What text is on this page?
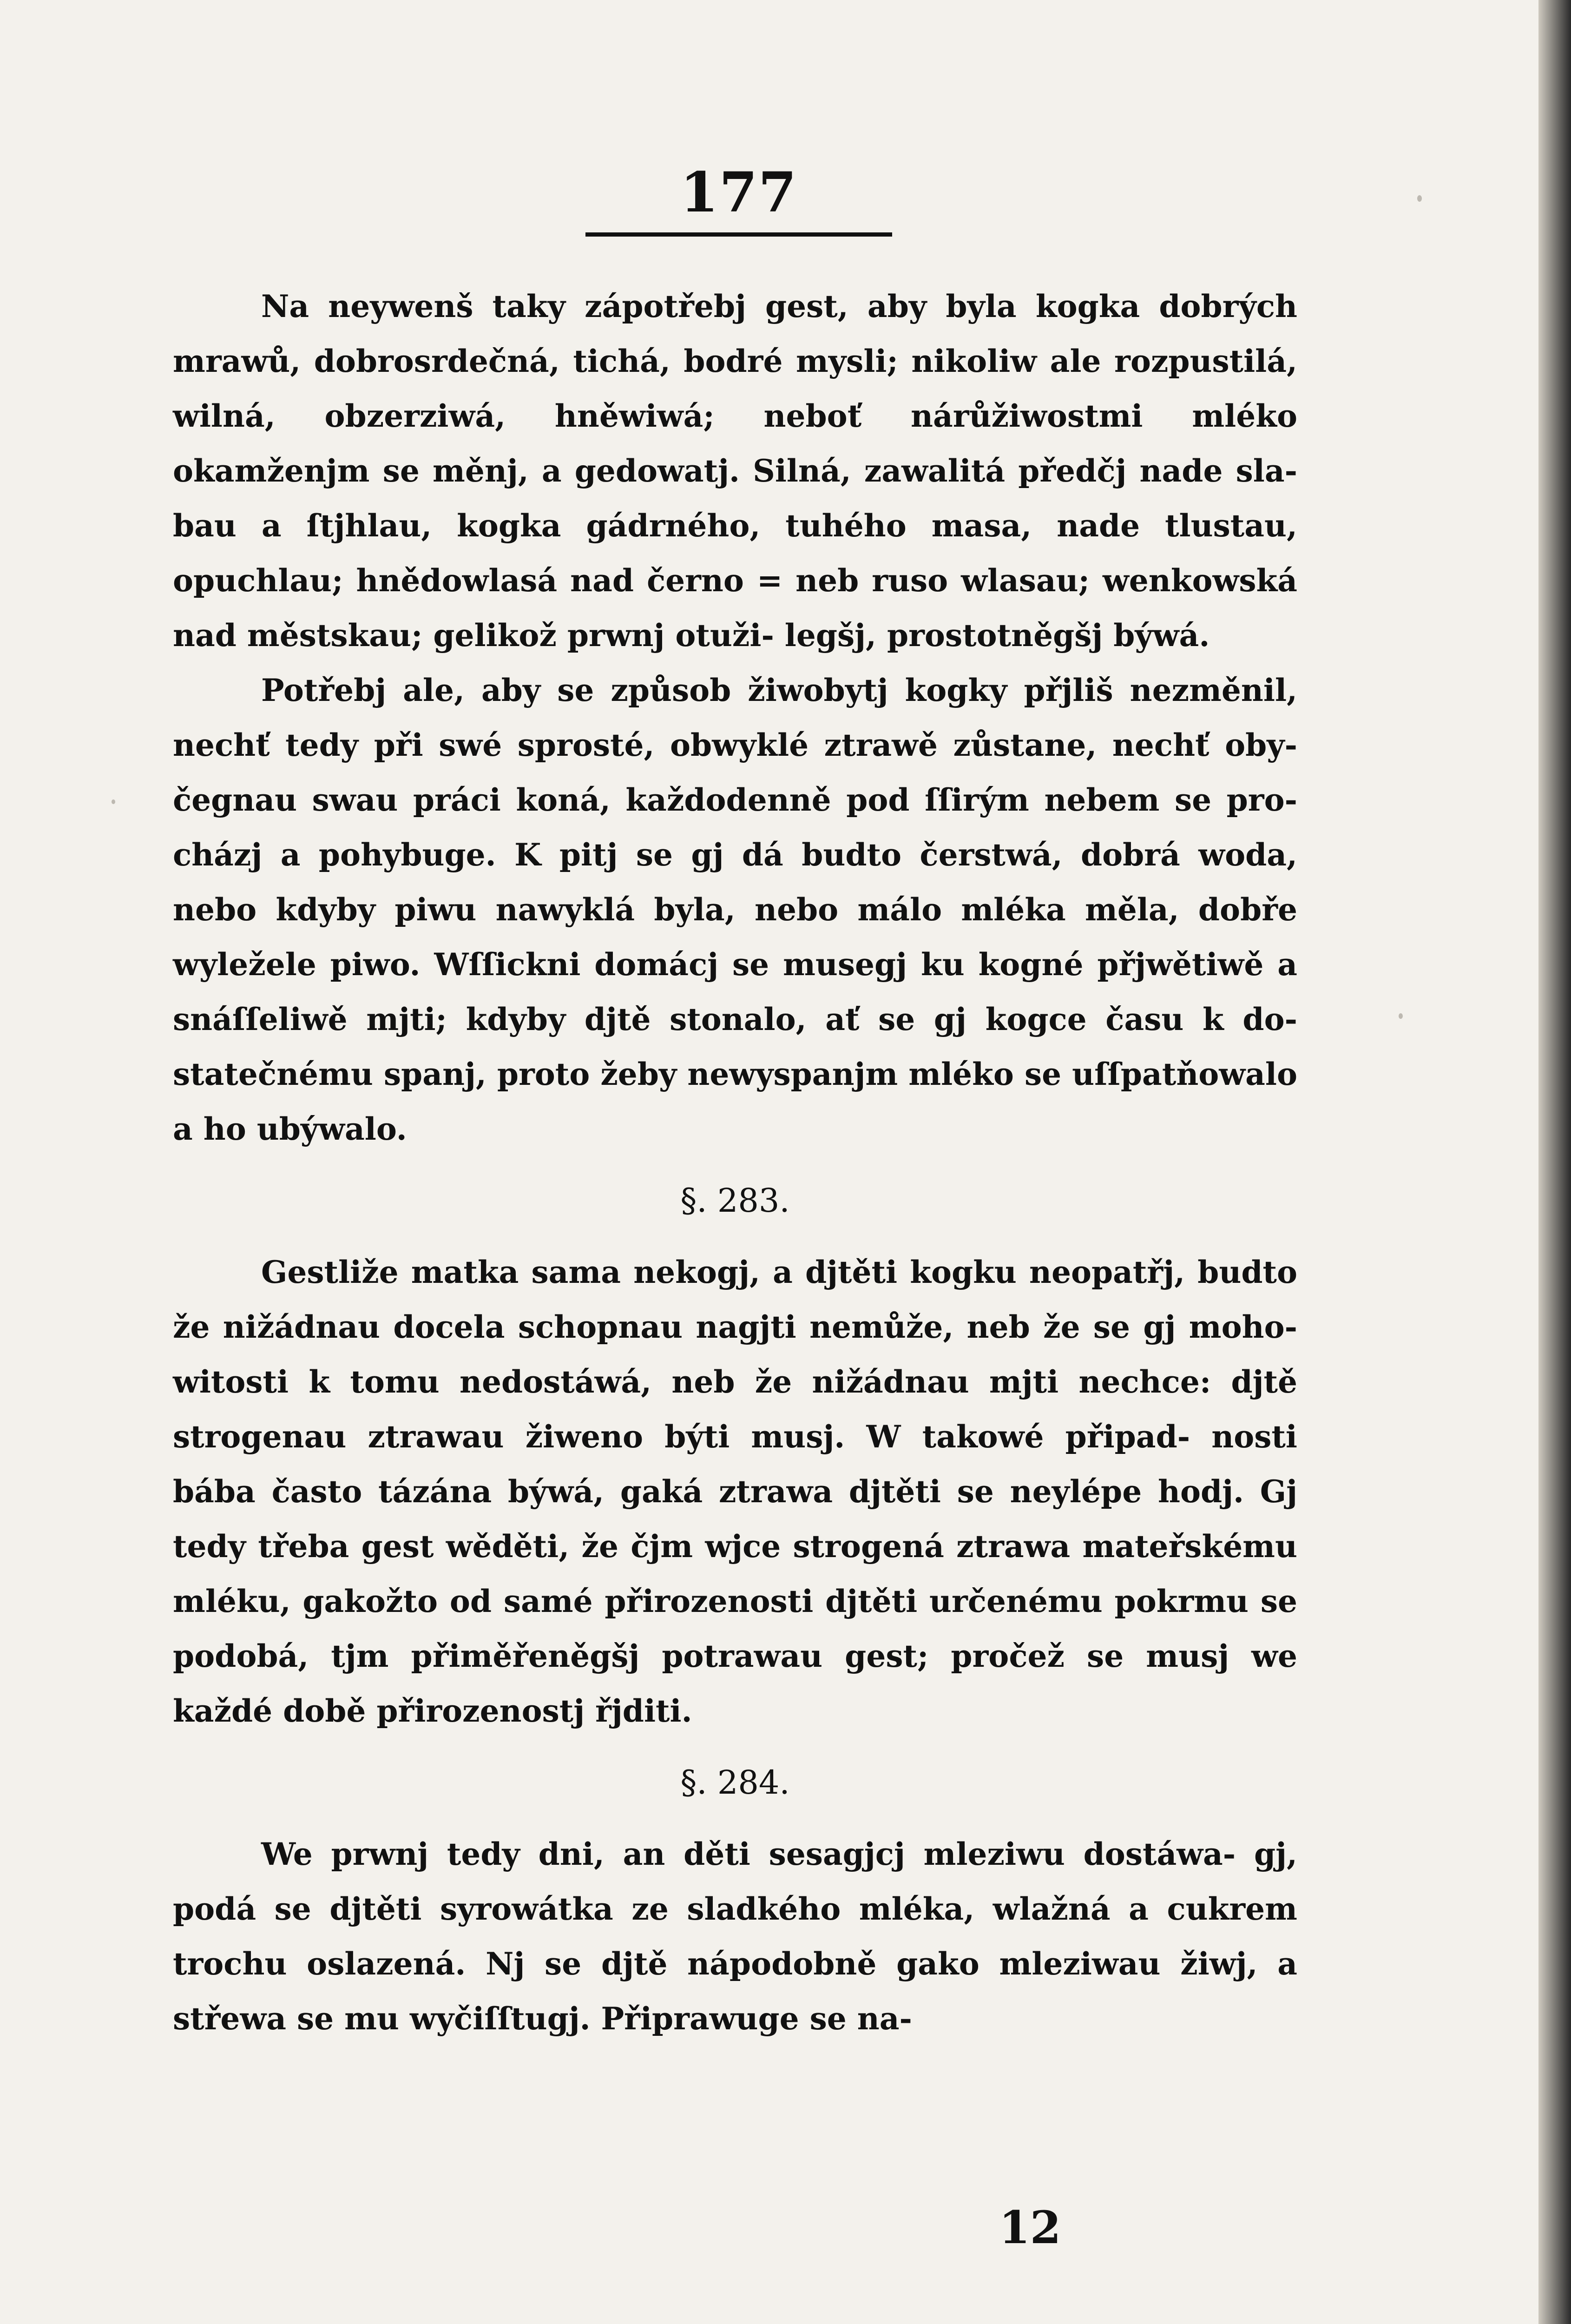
177

Na neywenš taky zápotřebj gest, aby byla kogka dobrých mrawů, dobrosrdečná, tichá, bodré mysli; nikoliw ale rozpustilá, wilná, obzerziwá, hněwiwá; neboť nárůžiwostmi mléko okamženjm se měnj, a gedowatj. Silná, zawalitá předčj nade sla- bau a ſtjhlau, kogka gádrného, tuhého masa, nade tlustau, opuchlau; hnědowlasá nad černo = neb ruso wlasau; wenkowská nad městskau; gelikož prwnj otuži- legšj, prostotněgšj býwá.

Potřebj ale, aby se způsob žiwobytj kogky přjliš nezměnil, nechť tedy při swé sprosté, obwyklé ztrawě zůstane, nechť oby- čegnau swau práci koná, každodenně pod ſſirým nebem se pro- cházj a pohybuge. K pitj se gj dá budto čerstwá, dobrá woda, nebo kdyby piwu nawyklá byla, nebo málo mléka měla, dobře wyležele piwo. Wſſickni domácj se musegj ku kogné přjwětiwě a snáſſeliwě mjti; kdyby djtě stonalo, ať se gj kogce času k do- statečnému spanj, proto žeby newyspanjm mléko se uſſpatňowalo a ho ubýwalo.

§. 283.

Gestliže matka sama nekogj, a djtěti kogku neopatřj, budto že nižádnau docela schopnau nagjti nemůže, neb že se gj moho- witosti k tomu nedostáwá, neb že nižádnau mjti nechce: djtě strogenau ztrawau žiweno býti musj. W takowé připad- nosti bába často tázána býwá, gaká ztrawa djtěti se neylépe hodj. Gj tedy třeba gest wěděti, že čjm wjce strogená ztrawa mateřskému mléku, gakožto od samé přirozenosti djtěti určenému pokrmu se podobá, tjm přiměřeněgšj potrawau gest; pročež se musj we každé době přirozenostj řjditi.

§. 284.

We prwnj tedy dni, an děti sesagjcj mleziwu dostáwa- gj, podá se djtěti syrowátka ze sladkého mléka, wlažná a cukrem trochu oslazená. Nj se djtě nápodobně gako mleziwau žiwj, a střewa se mu wyčiſſtugj. Připrawuge se na-

12
